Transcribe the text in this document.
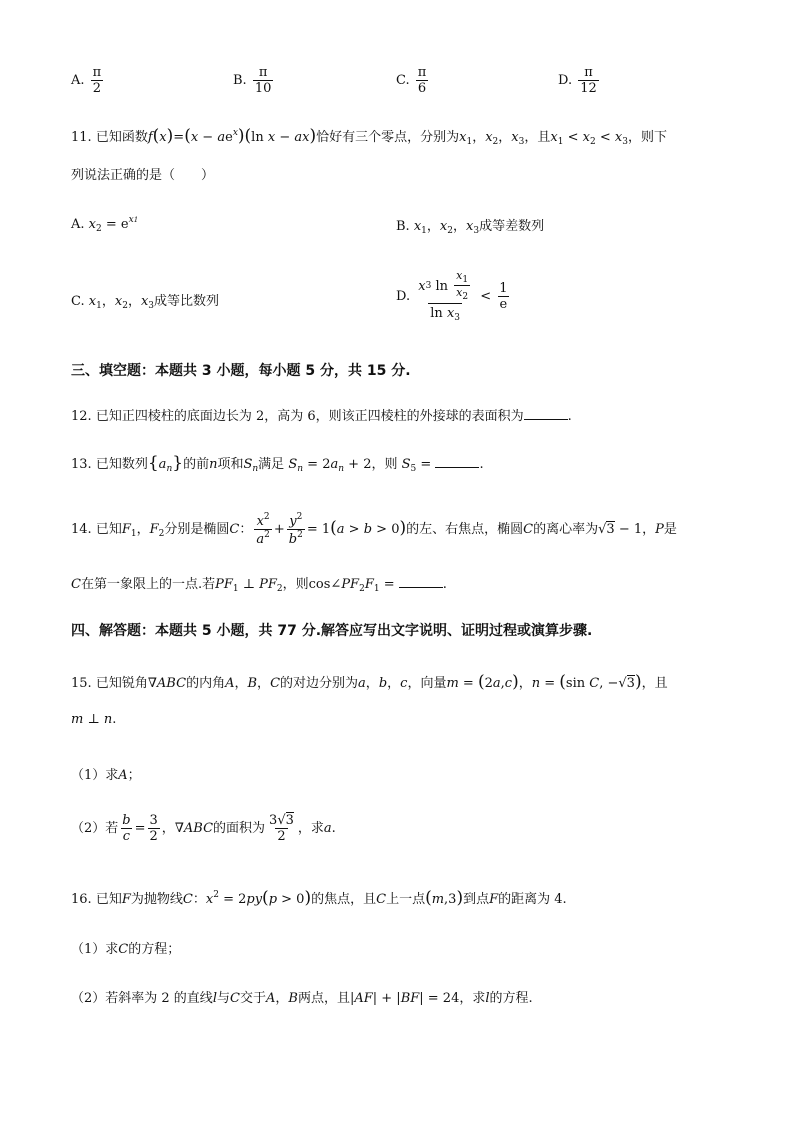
A. $\frac{\pi}{2}$	B. $\frac{\pi}{10}$	C. $\frac{\pi}{6}$	D. $\frac{\pi}{12}$
11. 已知函数$f(x)=(x - ae^x)(\ln$ x − ax)恰好有三个零点，分别为$x_1$，$x_2$，$x_3$，且$x_1 < x_2 < x_3$，则下
列说法正确的是（　　）
A. $x_2 = e^{x1}$	B. $x_1$，$x_2$，$x_3$成等差数列
C. $x_1$，$x_2$，$x_3$成等比数列	D. $\frac{x 3 \ln \frac{x_1}{x_2}}{\ln x_3} < \frac{1}{e}$
三、填空题：本题共 3 小题，每小题 5 分，共 15 分.
12. 已知正四棱柱的底面边长为 2，高为 6，则该正四棱柱的外接球的表面积为	.
13. 已知数列$\{a_n\}$的前n项和$S_n$满足 $S_n = 2a_n + 2$，则 $S_5$ =	.
14. 已知$F_1$，$F_2$分别是椭圆C： $\frac{x^2}{a^2} + \frac{y^2}{b^2} = 1(a > b > 0)$的左、右焦点，椭圆C的离心率为√3 − 1，P是
C在第一象限上的一点.若$PF_1$ ⊥ $PF_2$，则$\cos\angle PF_2F_1$ =	.
四、解答题：本题共 5 小题，共 77 分.解答应写出文字说明、证明过程或演算步骤.
15. 已知锐角∇ABC的内角A，B，C的对边分别为a，b，c，向量m = (2a,c)，n = (sin C, −√3)，且
m ⊥ n.
（1）求A；
（2）若 $\frac{b}{c} = \frac{3}{2}$ ，∇ABC的面积为 $\frac{3√3}{2}$ ，求a.
16. 已知F为抛物线C：$x^2 = 2py(p > 0)$的焦点，且C上一点(m,3)到点F的距离为 4.
（1）求C的方程；
（2）若斜率为 2 的直线l与C交于A，B两点，且|AF| + |BF| = 24，求l的方程.
